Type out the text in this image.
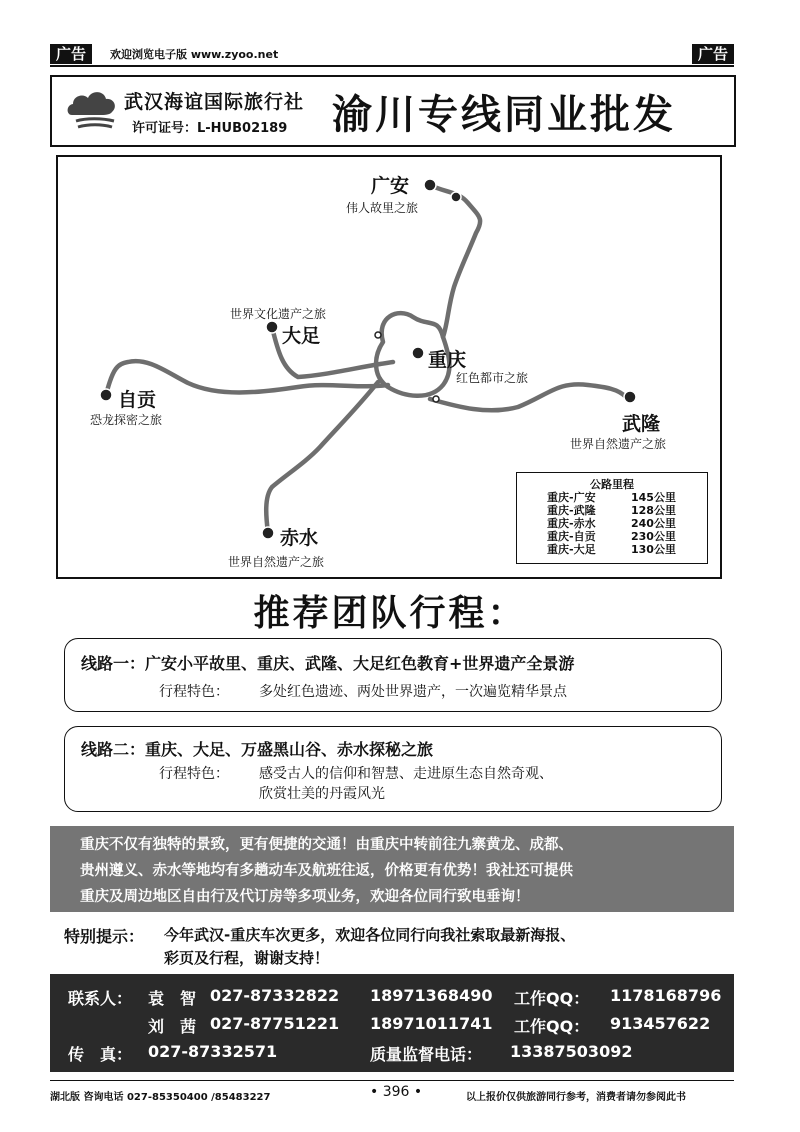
广告	欢迎浏览电子版 www.zyoo.net	广告
武汉海谊国际旅行社
许可证号：L-HUB02189 渝川专线同业批发
广安
伟人故里之旅
世界文化遗产之旅
大足
重庆
红色都市之旅
自贡
恐龙探密之旅	武隆
世界自然遗产之旅
赤水
世界自然遗产之旅
公路里程
重庆-广安	145公里
重庆-武隆	128公里
重庆-赤水	240公里
重庆-自贡	230公里
重庆-大足	130公里
推荐团队行程：
线路一：广安小平故里、重庆、武隆、大足红色教育+世界遗产全景游
行程特色： 多处红色遗迹、两处世界遗产，一次遍览精华景点
线路二：重庆、大足、万盛黑山谷、赤水探秘之旅
行程特色： 感受古人的信仰和智慧、走进原生态自然奇观、
欣赏壮美的丹霞风光
重庆不仅有独特的景致，更有便捷的交通！由重庆中转前往九寨黄龙、成都、
贵州遵义、赤水等地均有多趟动车及航班往返，价格更有优势！我社还可提供
重庆及周边地区自由行及代订房等多项业务，欢迎各位同行致电垂询！
特别提示： 今年武汉-重庆车次更多，欢迎各位同行向我社索取最新海报、
彩页及行程，谢谢支持！
联系人： 袁　智 027-87332822 18971368490 工作QQ： 1178168796
刘　茜 027-87751221 18971011741 工作QQ： 913457622
传　真： 027-87332571	质量监督电话： 13387503092
湖北版 咨询电话 027-85350400 /85483227	• 396 •	以上报价仅供旅游同行参考，消费者请勿参阅此书
